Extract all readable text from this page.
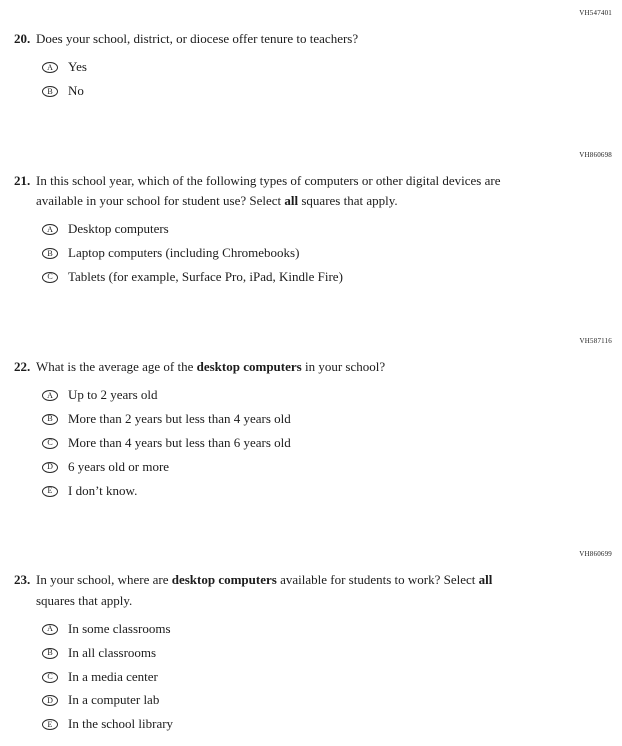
VH547401
20. Does your school, district, or diocese offer tenure to teachers?
A	Yes
B	No
VH860698
21. In this school year, which of the following types of computers or other digital devices are available in your school for student use? Select all squares that apply.
A	Desktop computers
B	Laptop computers (including Chromebooks)
C	Tablets (for example, Surface Pro, iPad, Kindle Fire)
VH587116
22. What is the average age of the desktop computers in your school?
A	Up to 2 years old
B	More than 2 years but less than 4 years old
C	More than 4 years but less than 6 years old
D	6 years old or more
E	I don’t know.
VH860699
23. In your school, where are desktop computers available for students to work? Select all squares that apply.
A	In some classrooms
B	In all classrooms
C	In a media center
D	In a computer lab
E	In the school library
